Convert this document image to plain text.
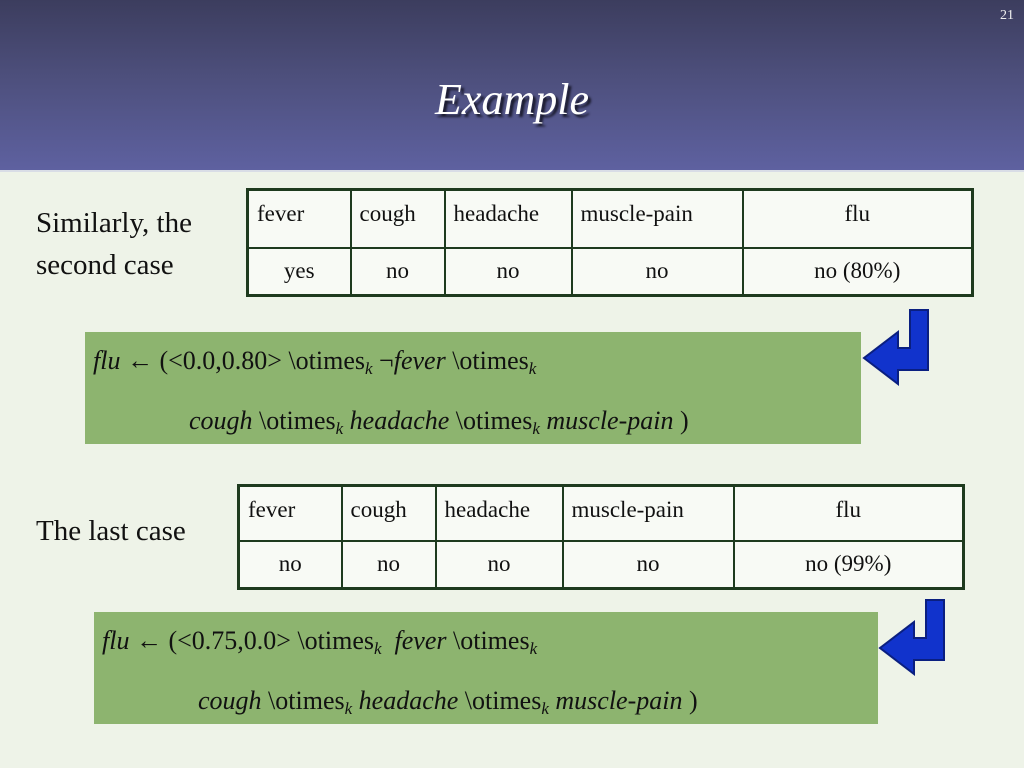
21
Example
Similarly, the
second case
fever	cough	headache	muscle-pain	flu
yes	no	no	no	no (80%)
flu ← (<0.0,0.80> \otimes$_k$ ¬fever \otimes$_k$
cough \otimes$_k$ headache \otimes$_k$ muscle-pain )
The last case
fever	cough	headache	muscle-pain	flu
no	no	no	no	no (99%)
flu ← (<0.75,0.0> \otimes$_k$ fever \otimes$_k$
cough \otimes$_k$ headache \otimes$_k$ muscle-pain )
